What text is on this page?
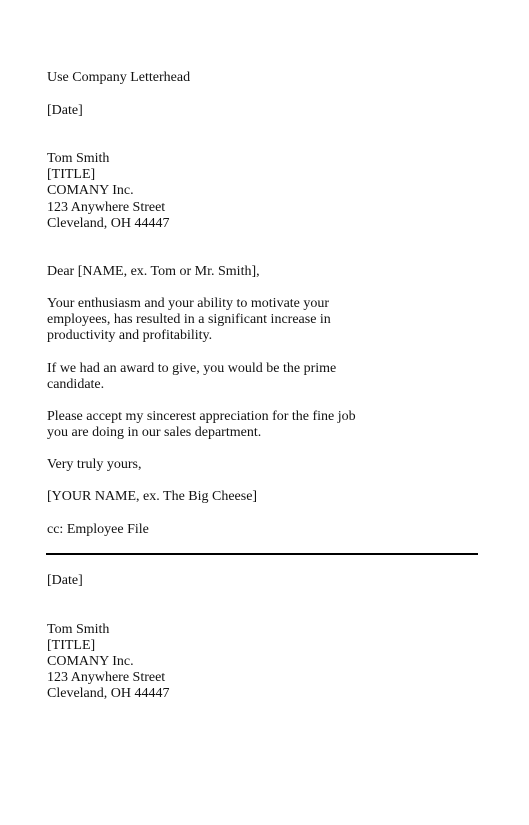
Use Company Letterhead
[Date]
Tom Smith
[TITLE]
COMANY Inc.
123 Anywhere Street
Cleveland, OH 44447
Dear [NAME, ex. Tom or Mr. Smith],
Your enthusiasm and your ability to motivate your
employees, has resulted in a significant increase in
productivity and profitability.
If we had an award to give, you would be the prime
candidate.
Please accept my sincerest appreciation for the fine job
you are doing in our sales department.
Very truly yours,
[YOUR NAME, ex. The Big Cheese]
cc: Employee File
[Date]
Tom Smith
[TITLE]
COMANY Inc.
123 Anywhere Street
Cleveland, OH 44447
